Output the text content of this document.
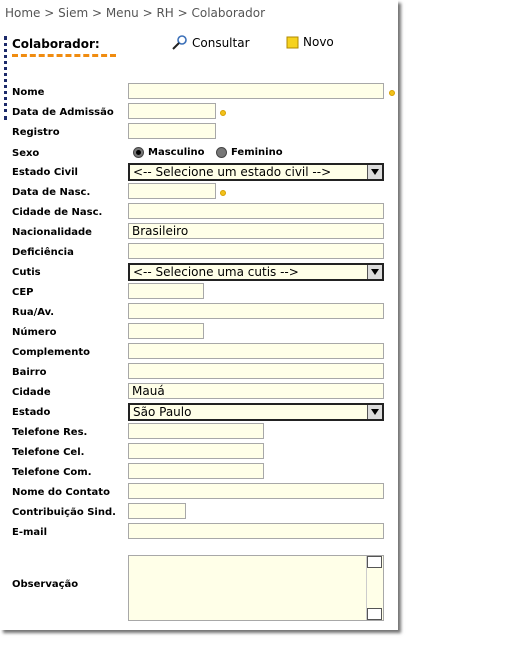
Home > Siem > Menu > RH > Colaborador
Colaborador:	Consultar	Novo
Nome
Data de Admissão
Registro
Sexo	Masculino	Feminino
Estado Civil	<-- Selecione um estado civil -->
Data de Nasc.
Cidade de Nasc.
Nacionalidade	Brasileiro
Deficiência
Cutis	<-- Selecione uma cutis -->
CEP
Rua/Av.
Número
Complemento
Bairro
Cidade	Mauá
Estado	São Paulo
Telefone Res.
Telefone Cel.
Telefone Com.
Nome do Contato
Contribuição Sind.
E-mail
Observação
